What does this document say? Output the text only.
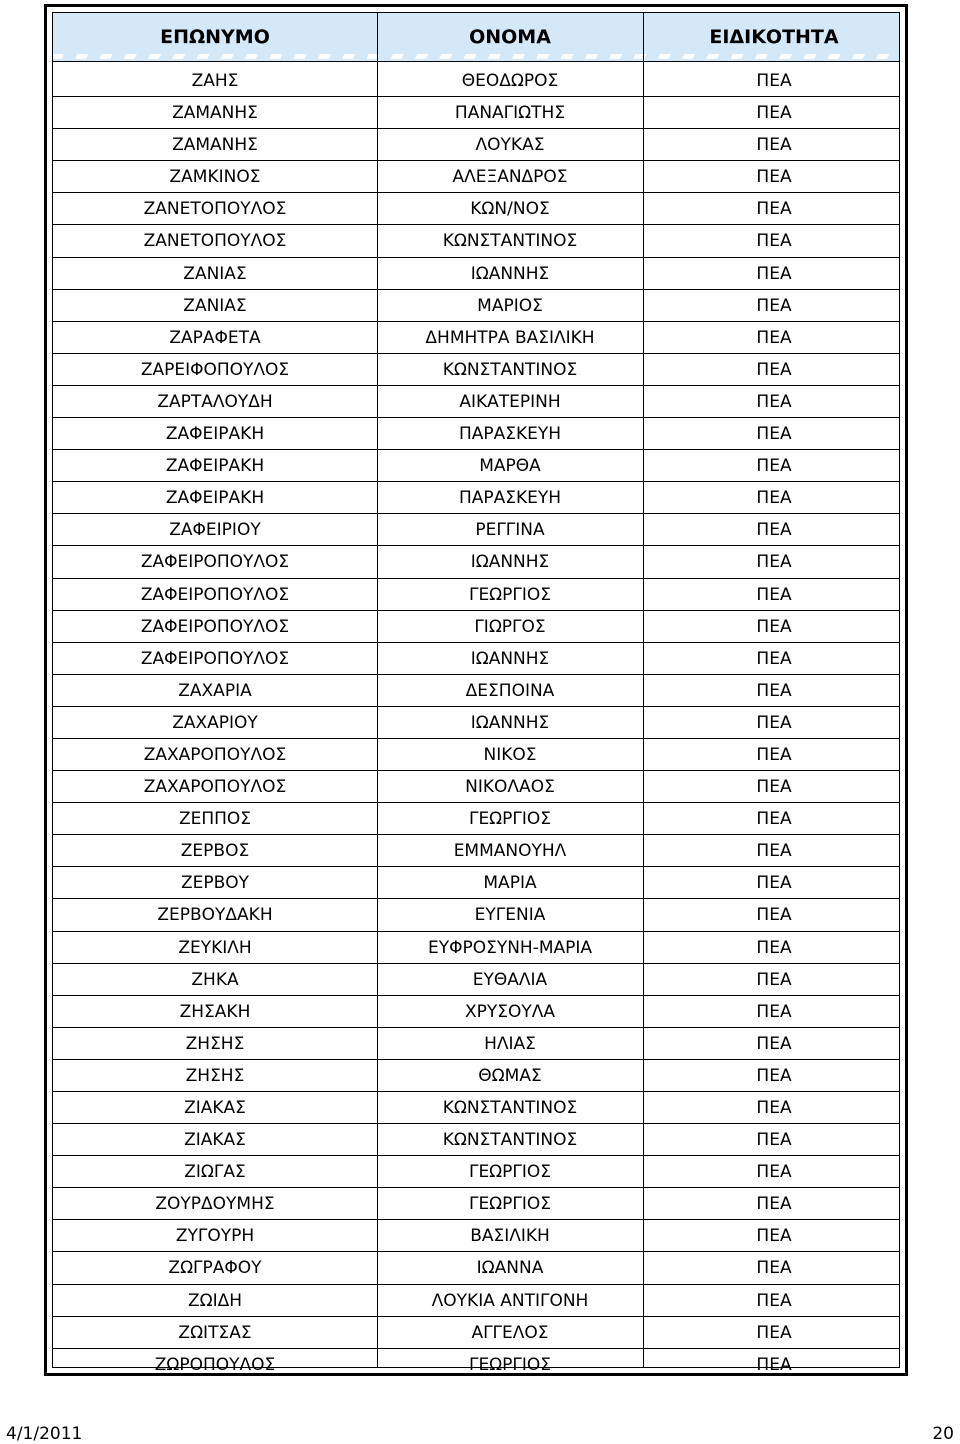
ΕΠΩΝΥΜΟ	ΟΝΟΜΑ	ΕΙΔΙΚΟΤΗΤΑ
ΖΑΗΣ	ΘΕΟΔΩΡΟΣ	ΠΕΑ
ΖΑΜΑΝΗΣ	ΠΑΝΑΓΙΩΤΗΣ	ΠΕΑ
ΖΑΜΑΝΗΣ	ΛΟΥΚΑΣ	ΠΕΑ
ΖΑΜΚΙΝΟΣ	ΑΛΕΞΑΝΔΡΟΣ	ΠΕΑ
ΖΑΝΕΤΟΠΟΥΛΟΣ	ΚΩΝ/ΝΟΣ	ΠΕΑ
ΖΑΝΕΤΟΠΟΥΛΟΣ	ΚΩΝΣΤΑΝΤΙΝΟΣ	ΠΕΑ
ΖΑΝΙΑΣ	ΙΩΑΝΝΗΣ	ΠΕΑ
ΖΑΝΙΑΣ	ΜΑΡΙΟΣ	ΠΕΑ
ΖΑΡΑΦΕΤΑ	ΔΗΜΗΤΡΑ ΒΑΣΙΛΙΚΗ	ΠΕΑ
ΖΑΡΕΙΦΟΠΟΥΛΟΣ	ΚΩΝΣΤΑΝΤΙΝΟΣ	ΠΕΑ
ΖΑΡΤΑΛΟΥΔΗ	ΑΙΚΑΤΕΡΙΝΗ	ΠΕΑ
ΖΑΦΕΙΡΑΚΗ	ΠΑΡΑΣΚΕΥΗ	ΠΕΑ
ΖΑΦΕΙΡΑΚΗ	ΜΑΡΘΑ	ΠΕΑ
ΖΑΦΕΙΡΑΚΗ	ΠΑΡΑΣΚΕΥΗ	ΠΕΑ
ΖΑΦΕΙΡΙΟΥ	ΡΕΓΓΙΝΑ	ΠΕΑ
ΖΑΦΕΙΡΟΠΟΥΛΟΣ	ΙΩΑΝΝΗΣ	ΠΕΑ
ΖΑΦΕΙΡΟΠΟΥΛΟΣ	ΓΕΩΡΓΙΟΣ	ΠΕΑ
ΖΑΦΕΙΡΟΠΟΥΛΟΣ	ΓΙΩΡΓΟΣ	ΠΕΑ
ΖΑΦΕΙΡΟΠΟΥΛΟΣ	ΙΩΑΝΝΗΣ	ΠΕΑ
ΖΑΧΑΡΙΑ	ΔΕΣΠΟΙΝΑ	ΠΕΑ
ΖΑΧΑΡΙΟΥ	ΙΩΑΝΝΗΣ	ΠΕΑ
ΖΑΧΑΡΟΠΟΥΛΟΣ	ΝΙΚΟΣ	ΠΕΑ
ΖΑΧΑΡΟΠΟΥΛΟΣ	ΝΙΚΟΛΑΟΣ	ΠΕΑ
ΖΕΠΠΟΣ	ΓΕΩΡΓΙΟΣ	ΠΕΑ
ΖΕΡΒΟΣ	ΕΜΜΑΝΟΥΗΛ	ΠΕΑ
ΖΕΡΒΟΥ	ΜΑΡΙΑ	ΠΕΑ
ΖΕΡΒΟΥΔΑΚΗ	ΕΥΓΕΝΙΑ	ΠΕΑ
ΖΕΥΚΙΛΗ	ΕΥΦΡΟΣΥΝΗ-ΜΑΡΙΑ	ΠΕΑ
ΖΗΚΑ	ΕΥΘΑΛΙΑ	ΠΕΑ
ΖΗΣΑΚΗ	ΧΡΥΣΟΥΛΑ	ΠΕΑ
ΖΗΣΗΣ	ΗΛΙΑΣ	ΠΕΑ
ΖΗΣΗΣ	ΘΩΜΑΣ	ΠΕΑ
ΖΙΑΚΑΣ	ΚΩΝΣΤΑΝΤΙΝΟΣ	ΠΕΑ
ΖΙΑΚΑΣ	ΚΩΝΣΤΑΝΤΙΝΟΣ	ΠΕΑ
ΖΙΩΓΑΣ	ΓΕΩΡΓΙΟΣ	ΠΕΑ
ΖΟΥΡΔΟΥΜΗΣ	ΓΕΩΡΓΙΟΣ	ΠΕΑ
ΖΥΓΟΥΡΗ	ΒΑΣΙΛΙΚΗ	ΠΕΑ
ΖΩΓΡΑΦΟΥ	ΙΩΑΝΝΑ	ΠΕΑ
ΖΩΙΔΗ	ΛΟΥΚΙΑ ΑΝΤΙΓΟΝΗ	ΠΕΑ
ΖΩΙΤΣΑΣ	ΑΓΓΕΛΟΣ	ΠΕΑ
ΖΩΡΟΠΟΥΛΟΣ	ΓΕΩΡΓΙΟΣ	ΠΕΑ
4/1/2011	20
